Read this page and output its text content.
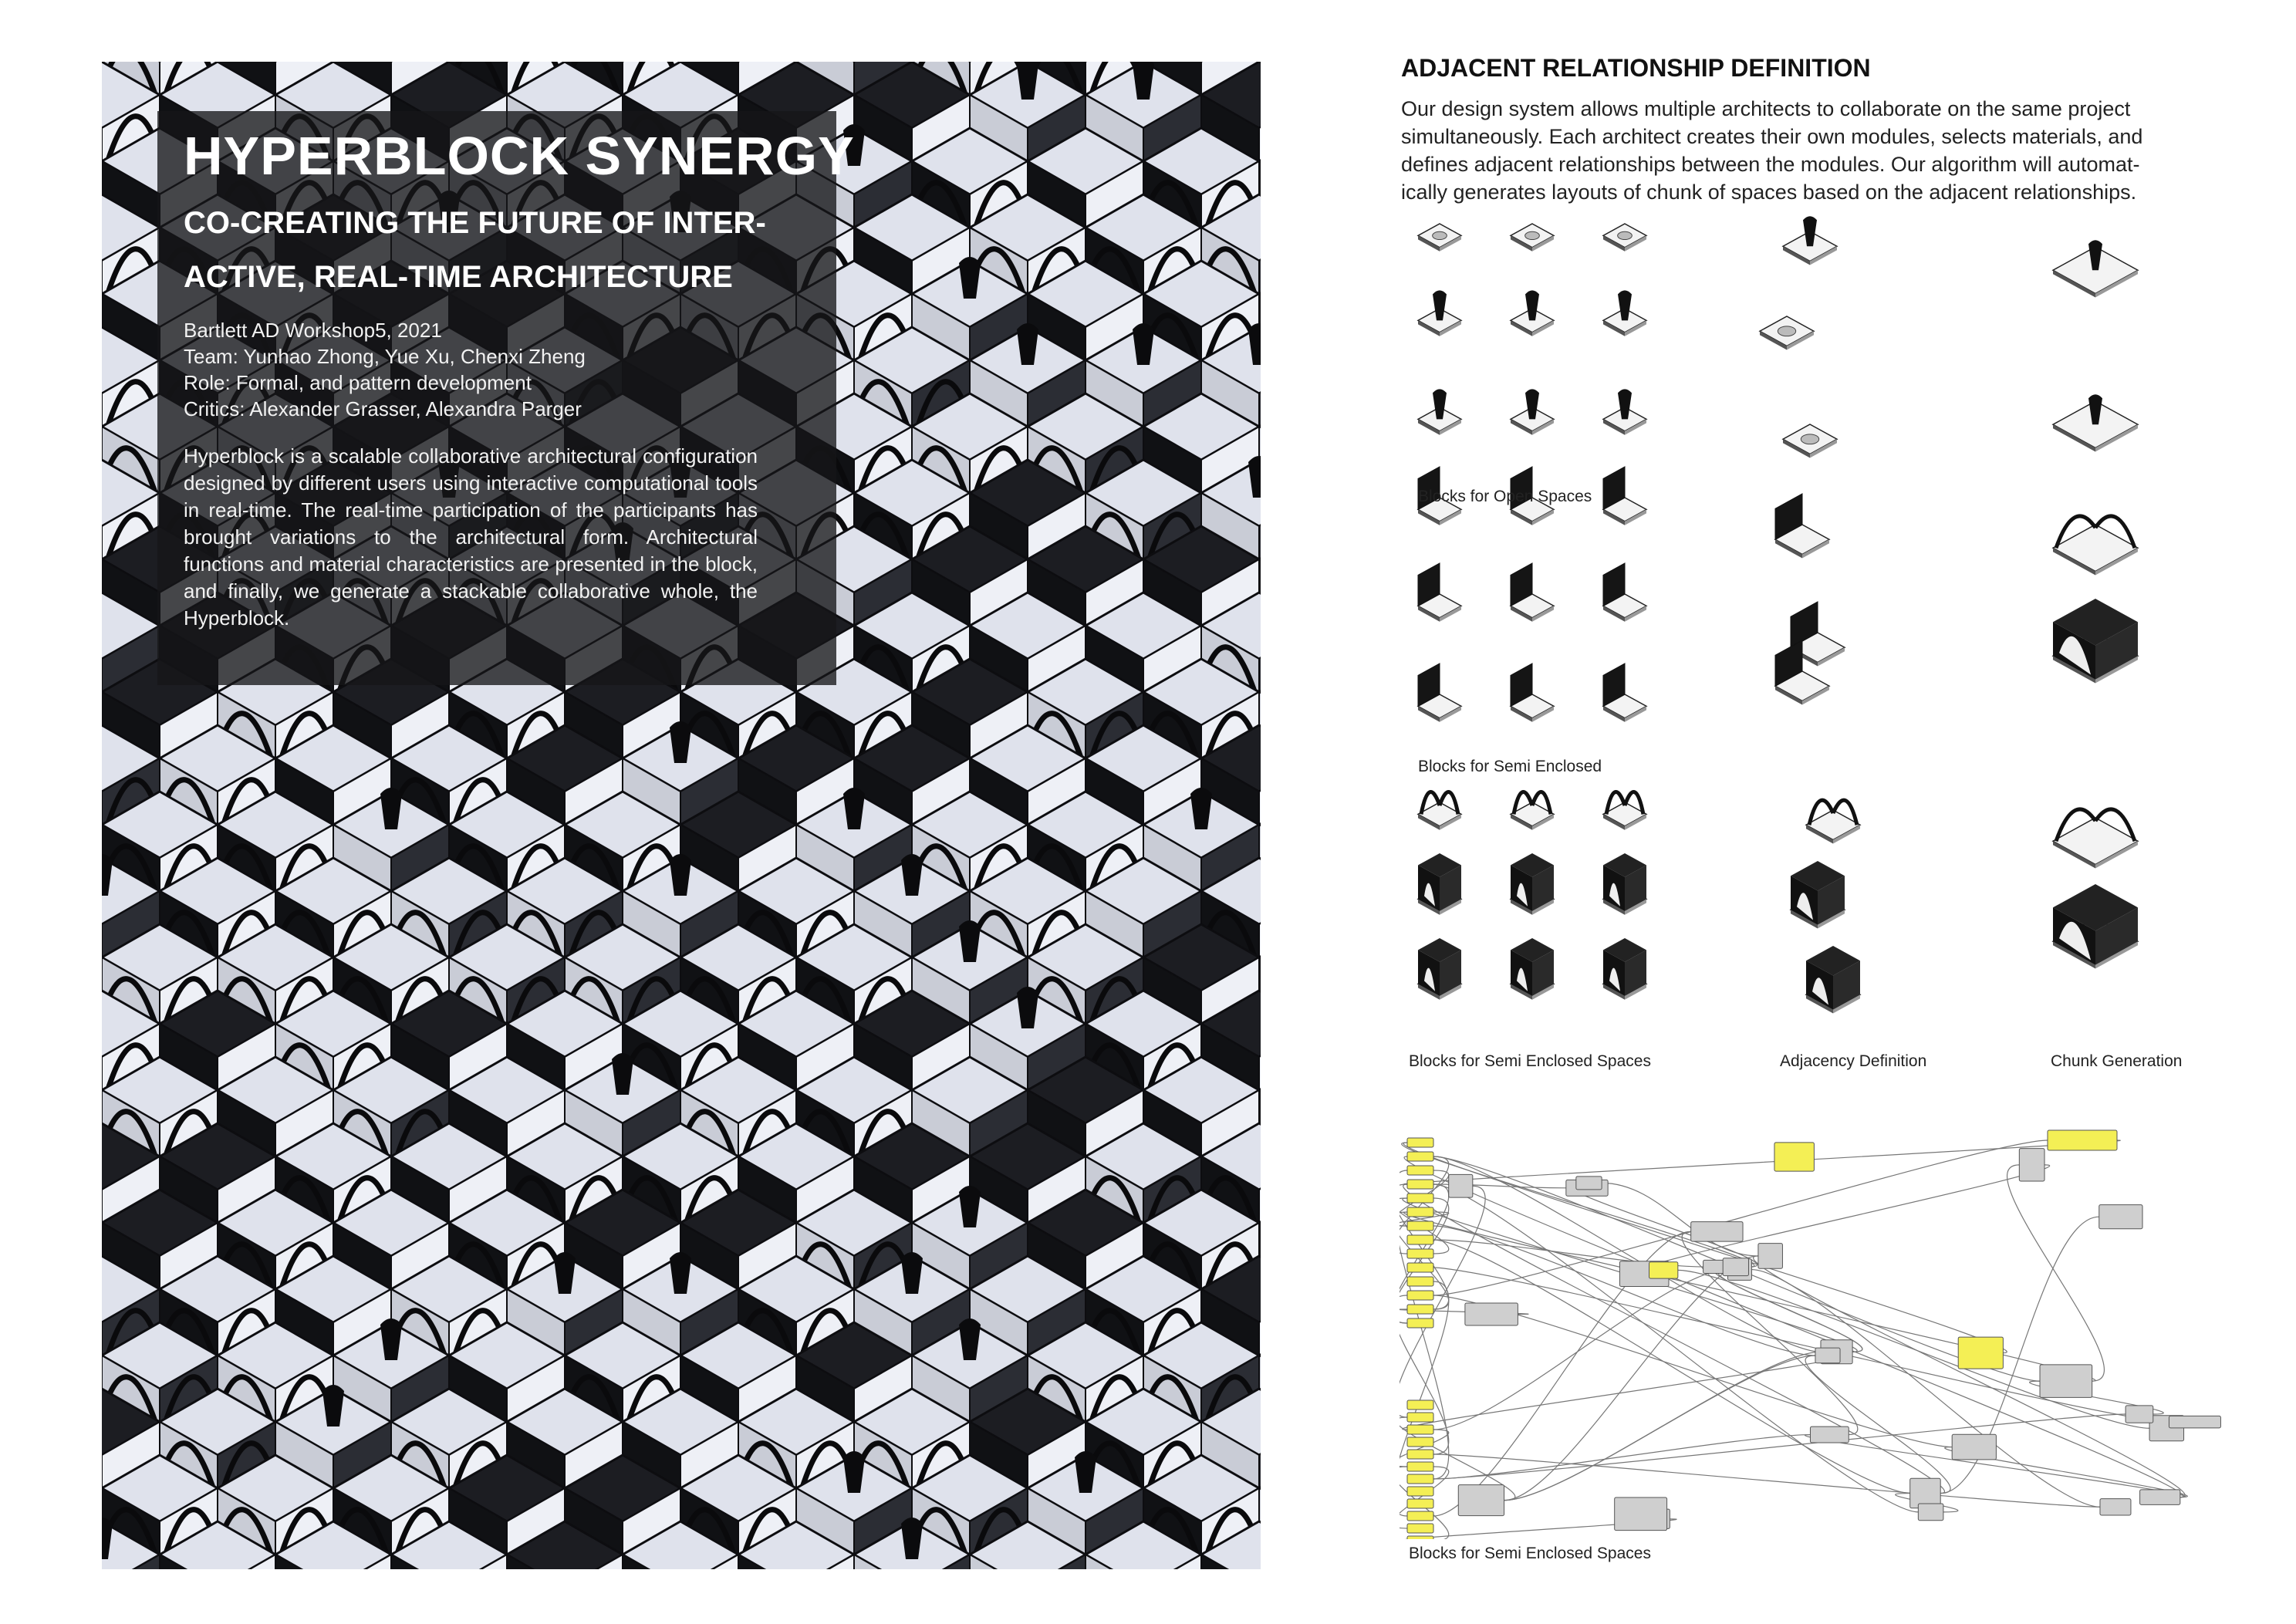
HYPERBLOCK SYNERGY
CO-CREATING THE FUTURE OF INTER-
ACTIVE, REAL-TIME ARCHITECTURE
Bartlett AD Workshop5, 2021
Team: Yunhao Zhong, Yue Xu, Chenxi Zheng
Role: Formal, and pattern development
Critics: Alexander Grasser, Alexandra Parger
Hyperblock is a scalable collaborative architectural configuration designed by different users using interactive computational tools in real-time. The real-time participation of the participants has brought variations to the architectural form. Architectural functions and material characteristics are presented in the block, and finally, we generate a stackable collaborative whole, the Hyperblock.
ADJACENT RELATIONSHIP DEFINITION
Our design system allows multiple architects to collaborate on the same project
simultaneously. Each architect creates their own modules, selects materials, and
defines adjacent relationships between the modules. Our algorithm will automat-
ically generates layouts of chunk of spaces based on the adjacent relationships.
Blocks for Open Spaces
Blocks for Semi Enclosed
Blocks for Semi Enclosed Spaces	Adjacency Definition	Chunk Generation
Blocks for Semi Enclosed Spaces
